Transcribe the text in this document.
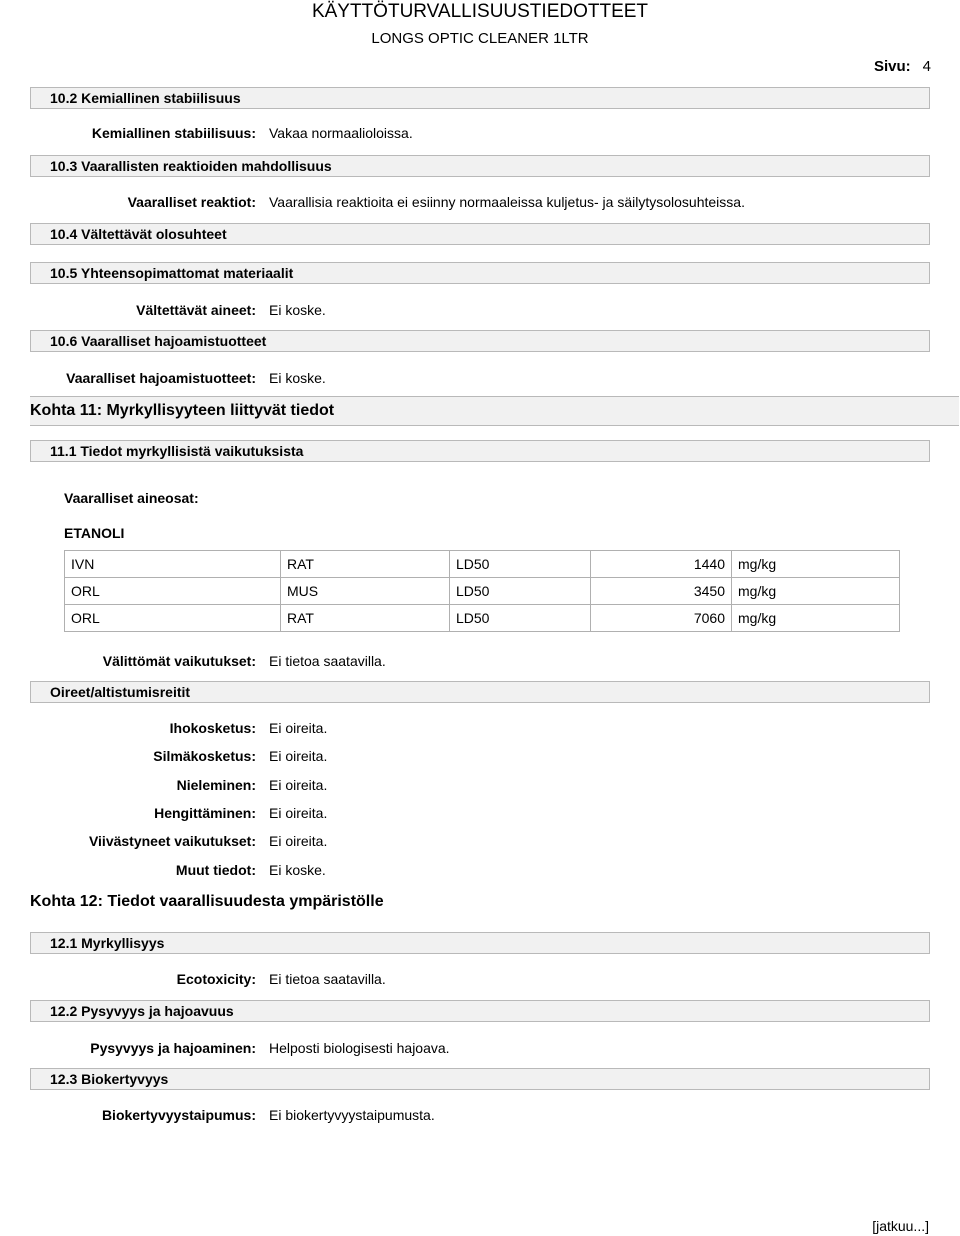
KÄYTTÖTURVALLISUUSTIEDOTTEET
LONGS OPTIC CLEANER 1LTR
Sivu: 4
10.2 Kemiallinen stabiilisuus
Kemiallinen stabiilisuus: Vakaa normaalioloissa.
10.3 Vaarallisten reaktioiden mahdollisuus
Vaaralliset reaktiot: Vaarallisia reaktioita ei esiinny normaaleissa kuljetus- ja säilytysolosuhteissa.
10.4 Vältettävät olosuhteet
10.5 Yhteensopimattomat materiaalit
Vältettävät aineet: Ei koske.
10.6 Vaaralliset hajoamistuotteet
Vaaralliset hajoamistuotteet: Ei koske.
Kohta 11: Myrkyllisyyteen liittyvät tiedot
11.1 Tiedot myrkyllisistä vaikutuksista
Vaaralliset aineosat:
ETANOLI
IVN	RAT	LD50	1440	mg/kg
ORL	MUS	LD50	3450	mg/kg
ORL	RAT	LD50	7060	mg/kg
Välittömät vaikutukset: Ei tietoa saatavilla.
Oireet/altistumisreitit
Ihokosketus: Ei oireita.
Silmäkosketus: Ei oireita.
Nieleminen: Ei oireita.
Hengittäminen: Ei oireita.
Viivästyneet vaikutukset: Ei oireita.
Muut tiedot: Ei koske.
Kohta 12: Tiedot vaarallisuudesta ympäristölle
12.1 Myrkyllisyys
Ecotoxicity: Ei tietoa saatavilla.
12.2 Pysyvyys ja hajoavuus
Pysyvyys ja hajoaminen: Helposti biologisesti hajoava.
12.3 Biokertyvyys
Biokertyvyystaipumus: Ei biokertyvyystaipumusta.
[jatkuu...]
